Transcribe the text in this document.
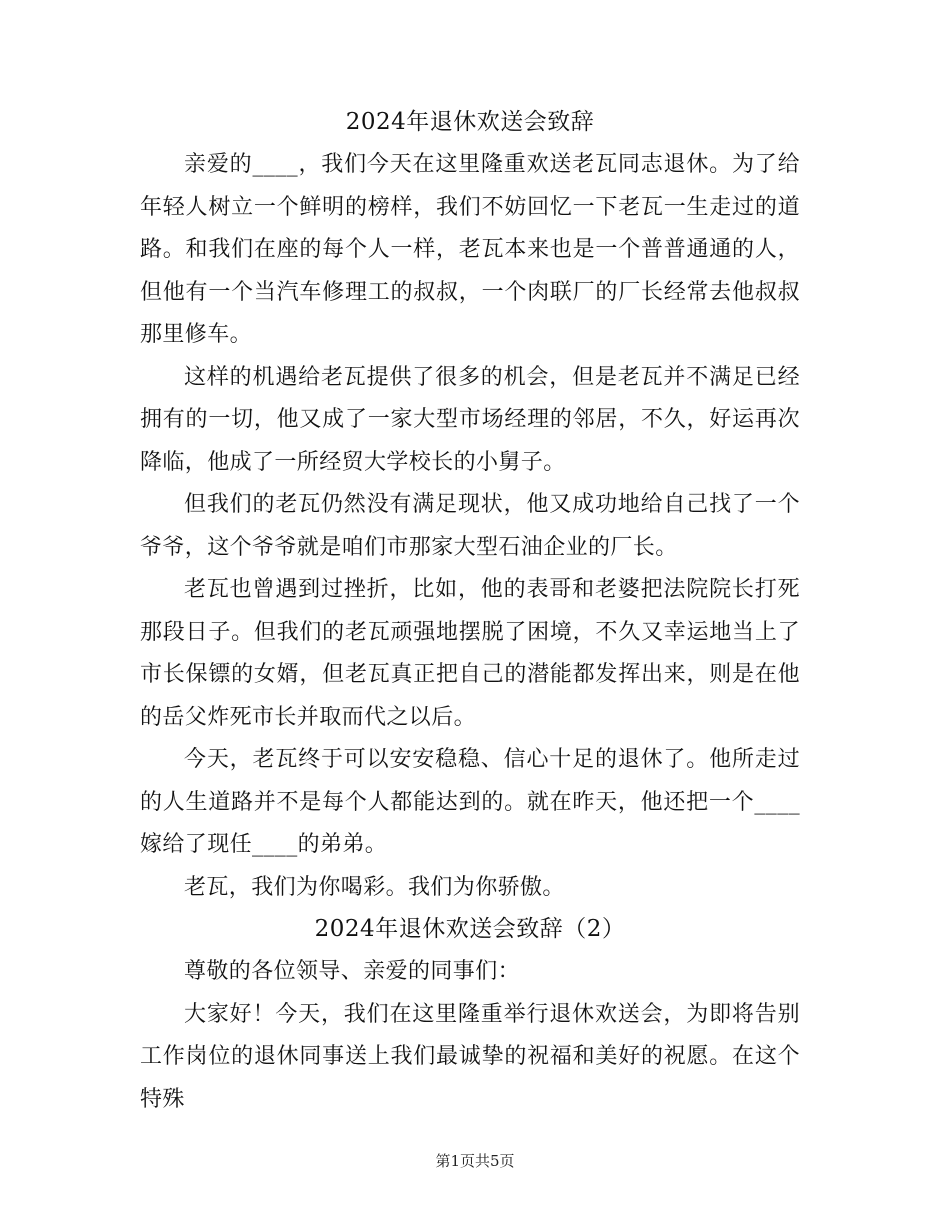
2024年退休欢送会致辞

亲爱的____，我们今天在这里隆重欢送老瓦同志退休。为了给年轻人树立一个鲜明的榜样，我们不妨回忆一下老瓦一生走过的道路。和我们在座的每个人一样，老瓦本来也是一个普普通通的人，但他有一个当汽车修理工的叔叔，一个肉联厂的厂长经常去他叔叔那里修车。

这样的机遇给老瓦提供了很多的机会，但是老瓦并不满足已经拥有的一切，他又成了一家大型市场经理的邻居，不久，好运再次降临，他成了一所经贸大学校长的小舅子。

但我们的老瓦仍然没有满足现状，他又成功地给自己找了一个爷爷，这个爷爷就是咱们市那家大型石油企业的厂长。

老瓦也曾遇到过挫折，比如，他的表哥和老婆把法院院长打死那段日子。但我们的老瓦顽强地摆脱了困境，不久又幸运地当上了市长保镖的女婿，但老瓦真正把自己的潜能都发挥出来，则是在他的岳父炸死市长并取而代之以后。

今天，老瓦终于可以安安稳稳、信心十足的退休了。他所走过的人生道路并不是每个人都能达到的。就在昨天，他还把一个____嫁给了现任____的弟弟。

老瓦，我们为你喝彩。我们为你骄傲。

2024年退休欢送会致辞（2）

尊敬的各位领导、亲爱的同事们：

大家好！今天，我们在这里隆重举行退休欢送会，为即将告别工作岗位的退休同事送上我们最诚挚的祝福和美好的祝愿。在这个特殊

第1页共5页
